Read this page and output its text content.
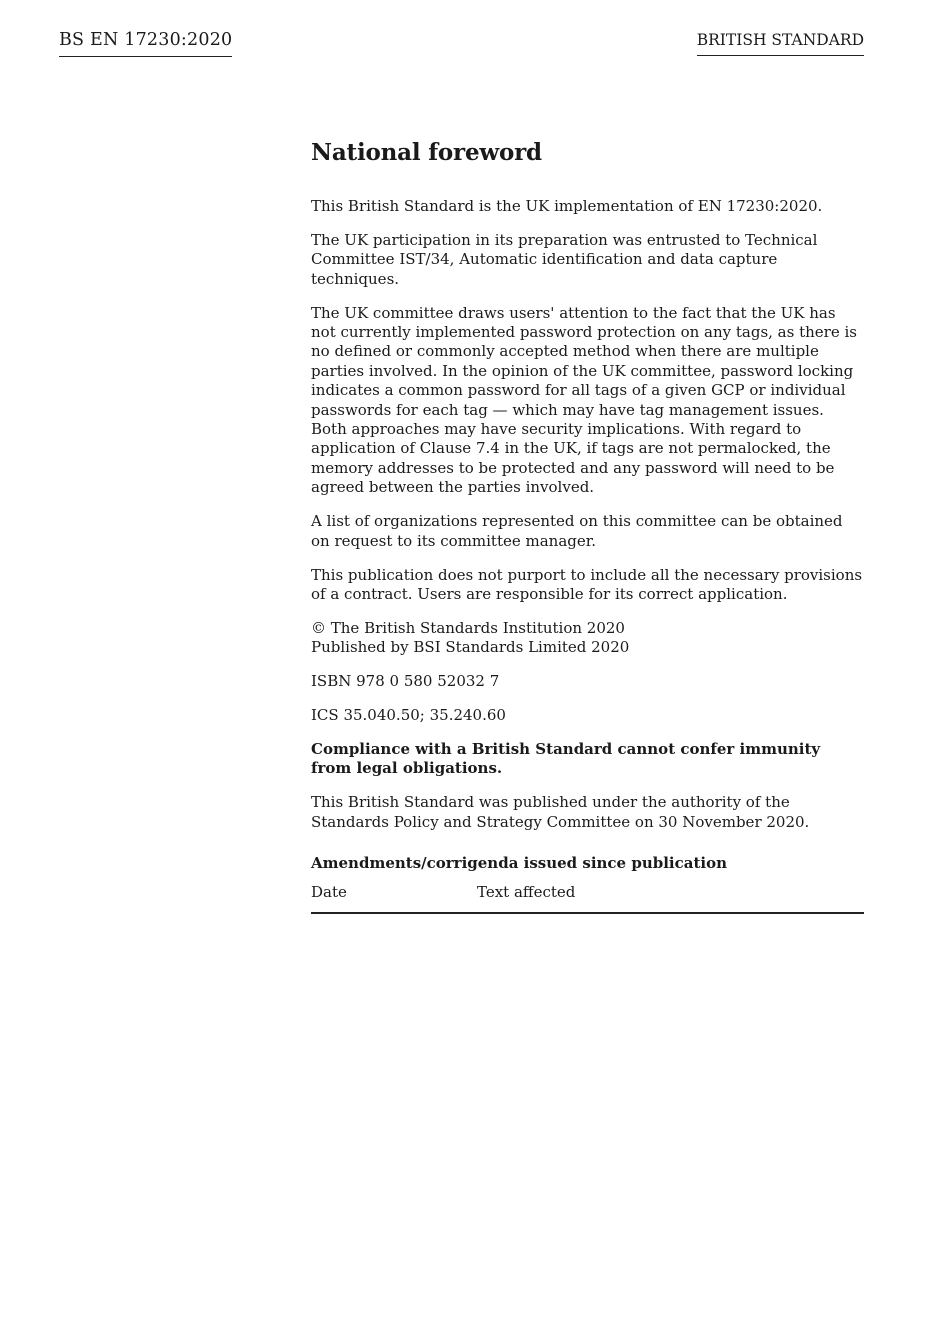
BS EN 17230:2020	BRITISH STANDARD
National foreword

This British Standard is the UK implementation of EN 17230:2020.

The UK participation in its preparation was entrusted to Technical Committee IST/34, Automatic identification and data capture techniques.

The UK committee draws users' attention to the fact that the UK has not currently implemented password protection on any tags, as there is no defined or commonly accepted method when there are multiple parties involved. In the opinion of the UK committee, password locking indicates a common password for all tags of a given GCP or individual passwords for each tag — which may have tag management issues. Both approaches may have security implications. With regard to application of Clause 7.4 in the UK, if tags are not permalocked, the memory addresses to be protected and any password will need to be agreed between the parties involved.

A list of organizations represented on this committee can be obtained on request to its committee manager.

This publication does not purport to include all the necessary provisions of a contract. Users are responsible for its correct application.

© The British Standards Institution 2020
Published by BSI Standards Limited 2020

ISBN 978 0 580 52032 7

ICS 35.040.50; 35.240.60

Compliance with a British Standard cannot confer immunity from legal obligations.

This British Standard was published under the authority of the Standards Policy and Strategy Committee on 30 November 2020.

Amendments/corrigenda issued since publication
Date	Text affected
